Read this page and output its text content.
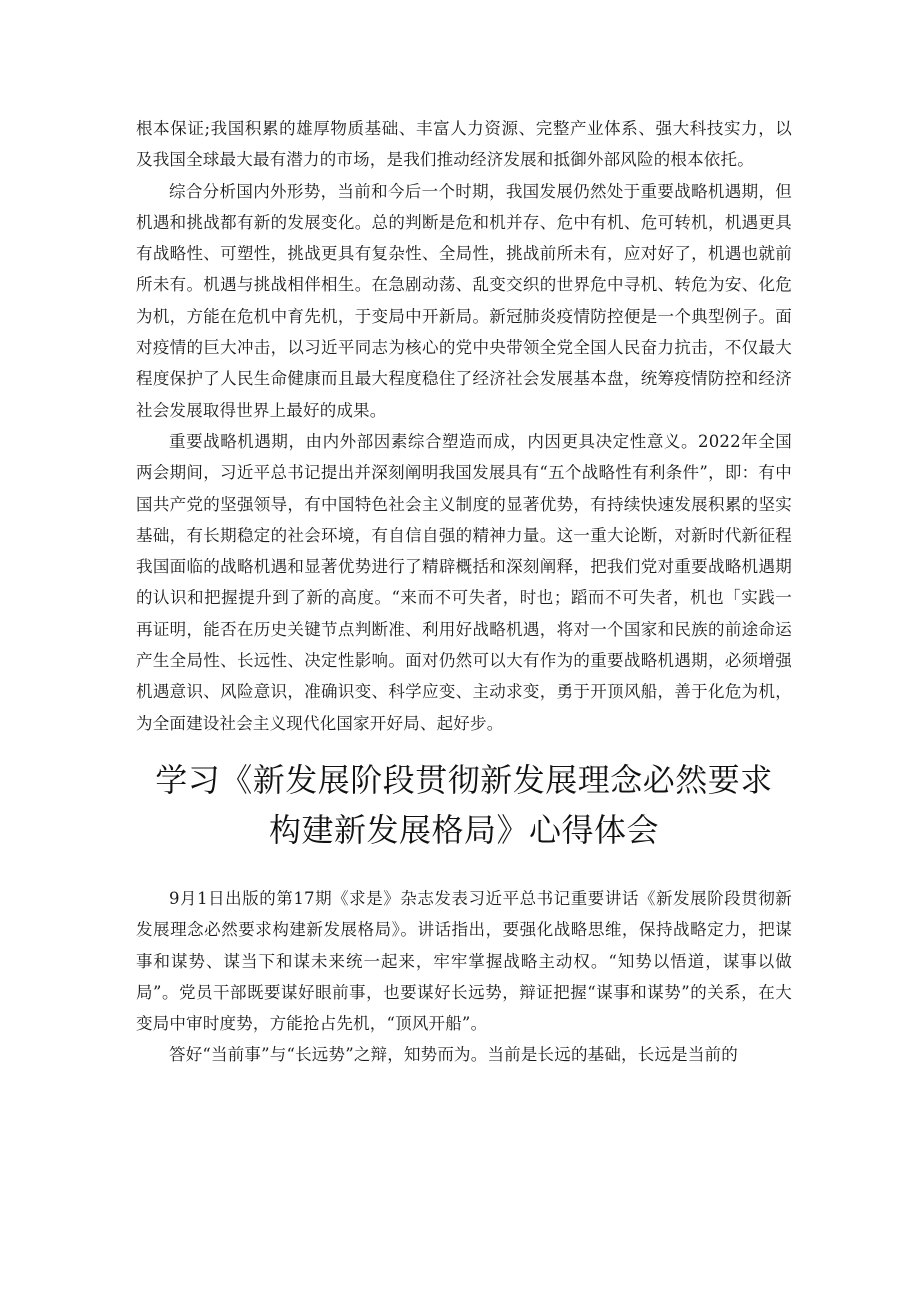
根本保证;我国积累的雄厚物质基础、丰富人力资源、完整产业体系、强大科技实力，以及我国全球最大最有潜力的市场，是我们推动经济发展和抵御外部风险的根本依托。

综合分析国内外形势，当前和今后一个时期，我国发展仍然处于重要战略机遇期，但机遇和挑战都有新的发展变化。总的判断是危和机并存、危中有机、危可转机，机遇更具有战略性、可塑性，挑战更具有复杂性、全局性，挑战前所未有，应对好了，机遇也就前所未有。机遇与挑战相伴相生。在急剧动荡、乱变交织的世界危中寻机、转危为安、化危为机，方能在危机中育先机，于变局中开新局。新冠肺炎疫情防控便是一个典型例子。面对疫情的巨大冲击，以习近平同志为核心的党中央带领全党全国人民奋力抗击，不仅最大程度保护了人民生命健康而且最大程度稳住了经济社会发展基本盘，统筹疫情防控和经济社会发展取得世界上最好的成果。

重要战略机遇期，由内外部因素综合塑造而成，内因更具决定性意义。2022年全国两会期间，习近平总书记提出并深刻阐明我国发展具有“五个战略性有利条件”，即：有中国共产党的坚强领导，有中国特色社会主义制度的显著优势，有持续快速发展积累的坚实基础，有长期稳定的社会环境，有自信自强的精神力量。这一重大论断，对新时代新征程我国面临的战略机遇和显著优势进行了精辟概括和深刻阐释，把我们党对重要战略机遇期的认识和把握提升到了新的高度。“来而不可失者，时也；蹈而不可失者，机也「实践一再证明，能否在历史关键节点判断准、利用好战略机遇，将对一个国家和民族的前途命运产生全局性、长远性、决定性影响。面对仍然可以大有作为的重要战略机遇期，必须增强机遇意识、风险意识，准确识变、科学应变、主动求变，勇于开顶风船，善于化危为机，为全面建设社会主义现代化国家开好局、起好步。

学习《新发展阶段贯彻新发展理念必然要求
构建新发展格局》心得体会

9月1日出版的第17期《求是》杂志发表习近平总书记重要讲话《新发展阶段贯彻新发展理念必然要求构建新发展格局》。讲话指出，要强化战略思维，保持战略定力，把谋事和谋势、谋当下和谋未来统一起来，牢牢掌握战略主动权。“知势以悟道，谋事以做局”。党员干部既要谋好眼前事，也要谋好长远势，辩证把握“谋事和谋势”的关系，在大变局中审时度势，方能抢占先机，“顶风开船”。

答好“当前事”与“长远势”之辩，知势而为。当前是长远的基础，长远是当前的
